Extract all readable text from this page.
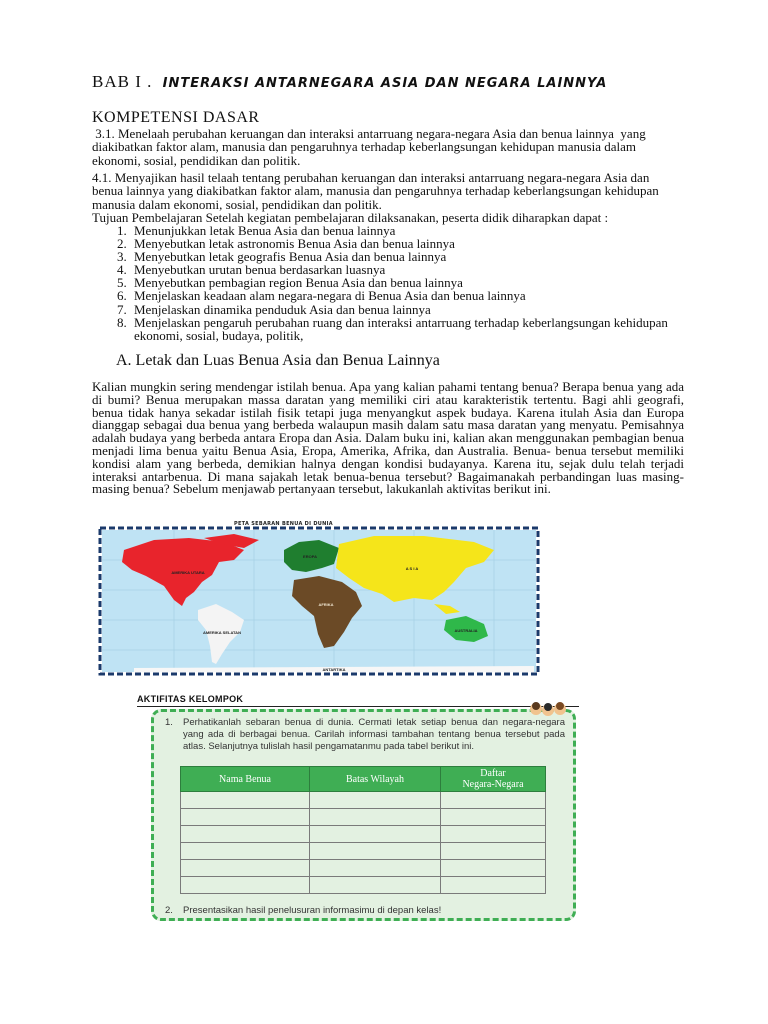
BAB I . INTERAKSI ANTARNEGARA ASIA DAN NEGARA LAINNYA
KOMPETENSI DASAR
3.1. Menelaah perubahan keruangan dan interaksi antarruang negara-negara Asia dan benua lainnya  yang diakibatkan faktor alam, manusia dan pengaruhnya terhadap keberlangsungan kehidupan manusia dalam ekonomi, sosial, pendidikan dan politik.
4.1. Menyajikan hasil telaah tentang perubahan keruangan dan interaksi antarruang negara-negara Asia dan benua lainnya yang diakibatkan faktor alam, manusia dan pengaruhnya terhadap keberlangsungan kehidupan manusia dalam ekonomi, sosial, pendidikan dan politik.
Tujuan Pembelajaran Setelah kegiatan pembelajaran dilaksanakan, peserta didik diharapkan dapat :
1. Menunjukkan letak Benua Asia dan benua lainnya
2. Menyebutkan letak astronomis Benua Asia dan benua lainnya
3. Menyebutkan letak geografis Benua Asia dan benua lainnya
4. Menyebutkan urutan benua berdasarkan luasnya
5. Menyebutkan pembagian region Benua Asia dan benua lainnya
6. Menjelaskan keadaan alam negara-negara di Benua Asia dan benua lainnya
7. Menjelaskan dinamika penduduk Asia dan benua lainnya
8. Menjelaskan pengaruh perubahan ruang dan interaksi antarruang terhadap keberlangsungan kehidupan ekonomi, sosial, budaya, politik,
A. Letak dan Luas Benua Asia dan Benua Lainnya
Kalian mungkin sering mendengar istilah benua. Apa yang kalian pahami tentang benua? Berapa benua yang ada di bumi? Benua merupakan massa daratan yang memiliki ciri atau karakteristik tertentu. Bagi ahli geografi, benua tidak hanya sekadar istilah fisik tetapi juga menyangkut aspek budaya. Karena itulah Asia dan Europa dianggap sebagai dua benua yang berbeda walaupun masih dalam satu masa daratan yang menyatu. Pemisahnya adalah budaya yang berbeda antara Eropa dan Asia. Dalam buku ini, kalian akan menggunakan pembagian benua menjadi lima benua yaitu Benua Asia, Eropa, Amerika, Afrika, dan Australia. Benua- benua tersebut memiliki kondisi alam yang berbeda, demikian halnya dengan kondisi budayanya. Karena itu, sejak dulu telah terjadi interaksi antarbenua. Di mana sajakah letak benua-benua tersebut? Bagaimanakah perbandingan luas masing-masing benua? Sebelum menjawab pertanyaan tersebut, lakukanlah aktivitas berikut ini.
AMERIKA UTARA
AMERIKA SELATAN
EROPA
A S I A
AFRIKA
AUSTRALIA
ANTARTIKA
PETA SEBARAN BENUA DI DUNIA
AKTIFITAS KELOMPOK
1. Perhatikanlah sebaran benua di dunia. Cermati letak setiap benua dan negara-negara yang ada di berbagai benua. Carilah informasi tambahan tentang benua tersebut pada atlas. Selanjutnya tulislah hasil pengamatanmu pada tabel berikut ini.
Nama Benua	Batas Wilayah	Daftar
Negara-Negara

2. Presentasikan hasil penelusuran informasimu di depan kelas!
